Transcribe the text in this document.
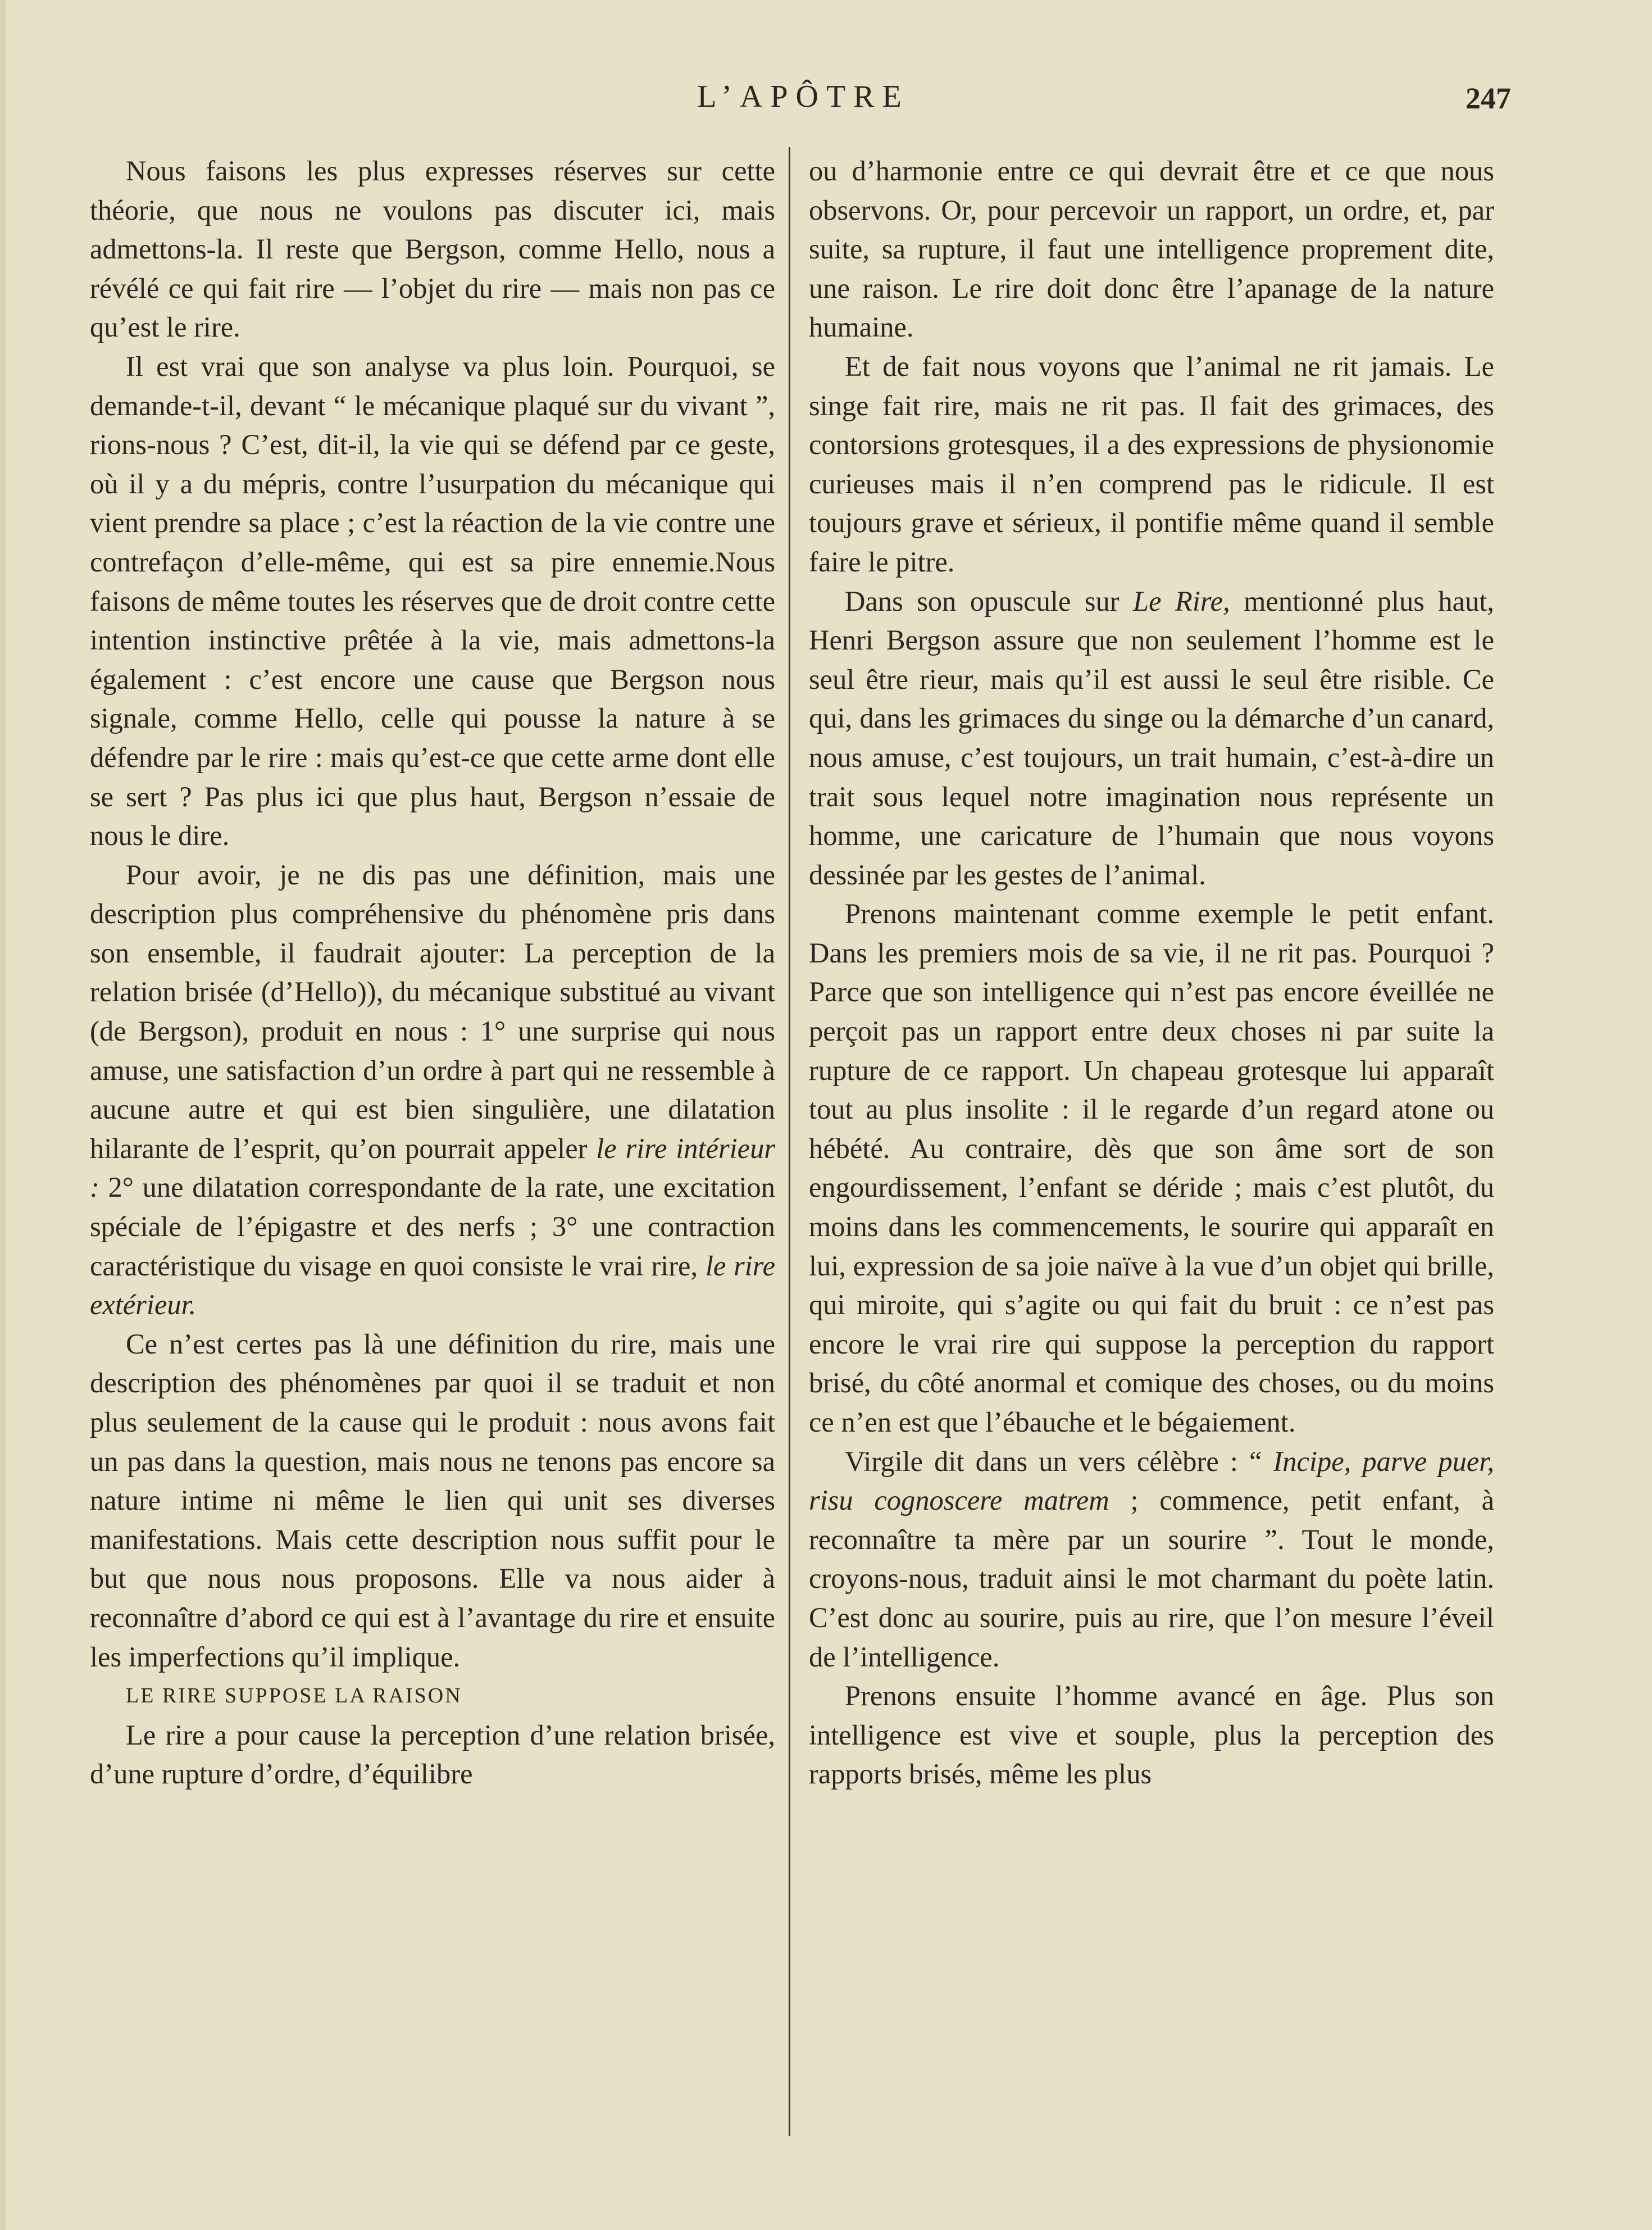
L’APÔTRE	247

Nous faisons les plus expresses réserves sur cette théorie, que nous ne voulons pas discuter ici, mais admettons-la. Il reste que Bergson, comme Hello, nous a révélé ce qui fait rire — l’objet du rire — mais non pas ce qu’est le rire.

Il est vrai que son analyse va plus loin. Pourquoi, se demande-t-il, devant “ le mécanique plaqué sur du vivant ”, rions-nous ? C’est, dit-il, la vie qui se défend par ce geste, où il y a du mépris, contre l’usurpation du mécanique qui vient prendre sa place ; c’est la réaction de la vie contre une contrefaçon d’elle-même, qui est sa pire ennemie.Nous faisons de même toutes les réserves que de droit contre cette intention instinctive prêtée à la vie, mais admettons-la également : c’est encore une cause que Bergson nous signale, comme Hello, celle qui pousse la nature à se défendre par le rire : mais qu’est-ce que cette arme dont elle se sert ? Pas plus ici que plus haut, Bergson n’essaie de nous le dire.

Pour avoir, je ne dis pas une définition, mais une description plus compréhensive du phénomène pris dans son ensemble, il faudrait ajouter: La perception de la relation brisée (d’Hello)), du mécanique substitué au vivant (de Bergson), produit en nous : 1° une surprise qui nous amuse, une satisfaction d’un ordre à part qui ne ressemble à aucune autre et qui est bien singulière, une dilatation hilarante de l’esprit, qu’on pourrait appeler le rire intérieur : 2° une dilatation correspondante de la rate, une excitation spéciale de l’épigastre et des nerfs ; 3° une contraction caractéristique du visage en quoi consiste le vrai rire, le rire extérieur.

Ce n’est certes pas là une définition du rire, mais une description des phénomènes par quoi il se traduit et non plus seulement de la cause qui le produit : nous avons fait un pas dans la question, mais nous ne tenons pas encore sa nature intime ni même le lien qui unit ses diverses manifestations. Mais cette description nous suffit pour le but que nous nous proposons. Elle va nous aider à reconnaître d’abord ce qui est à l’avantage du rire et ensuite les imperfections qu’il implique.

LE RIRE SUPPOSE LA RAISON

Le rire a pour cause la perception d’une relation brisée, d’une rupture d’ordre, d’équilibre

ou d’harmonie entre ce qui devrait être et ce que nous observons. Or, pour percevoir un rapport, un ordre, et, par suite, sa rupture, il faut une intelligence proprement dite, une raison. Le rire doit donc être l’apanage de la nature humaine.

Et de fait nous voyons que l’animal ne rit jamais. Le singe fait rire, mais ne rit pas. Il fait des grimaces, des contorsions grotesques, il a des expressions de physionomie curieuses mais il n’en comprend pas le ridicule. Il est toujours grave et sérieux, il pontifie même quand il semble faire le pitre.

Dans son opuscule sur Le Rire, mentionné plus haut, Henri Bergson assure que non seulement l’homme est le seul être rieur, mais qu’il est aussi le seul être risible. Ce qui, dans les grimaces du singe ou la démarche d’un canard, nous amuse, c’est toujours, un trait humain, c’est-à-dire un trait sous lequel notre imagination nous représente un homme, une caricature de l’humain que nous voyons dessinée par les gestes de l’animal.

Prenons maintenant comme exemple le petit enfant. Dans les premiers mois de sa vie, il ne rit pas. Pourquoi ? Parce que son intelligence qui n’est pas encore éveillée ne perçoit pas un rapport entre deux choses ni par suite la rupture de ce rapport. Un chapeau grotesque lui apparaît tout au plus insolite : il le regarde d’un regard atone ou hébété. Au contraire, dès que son âme sort de son engourdissement, l’enfant se déride ; mais c’est plutôt, du moins dans les commencements, le sourire qui apparaît en lui, expression de sa joie naïve à la vue d’un objet qui brille, qui miroite, qui s’agite ou qui fait du bruit : ce n’est pas encore le vrai rire qui suppose la perception du rapport brisé, du côté anormal et comique des choses, ou du moins ce n’en est que l’ébauche et le bégaiement.

Virgile dit dans un vers célèbre : “ Incipe, parve puer, risu cognoscere matrem ; commence, petit enfant, à reconnaître ta mère par un sourire ”. Tout le monde, croyons-nous, traduit ainsi le mot charmant du poète latin. C’est donc au sourire, puis au rire, que l’on mesure l’éveil de l’intelligence.

Prenons ensuite l’homme avancé en âge. Plus son intelligence est vive et souple, plus la perception des rapports brisés, même les plus
